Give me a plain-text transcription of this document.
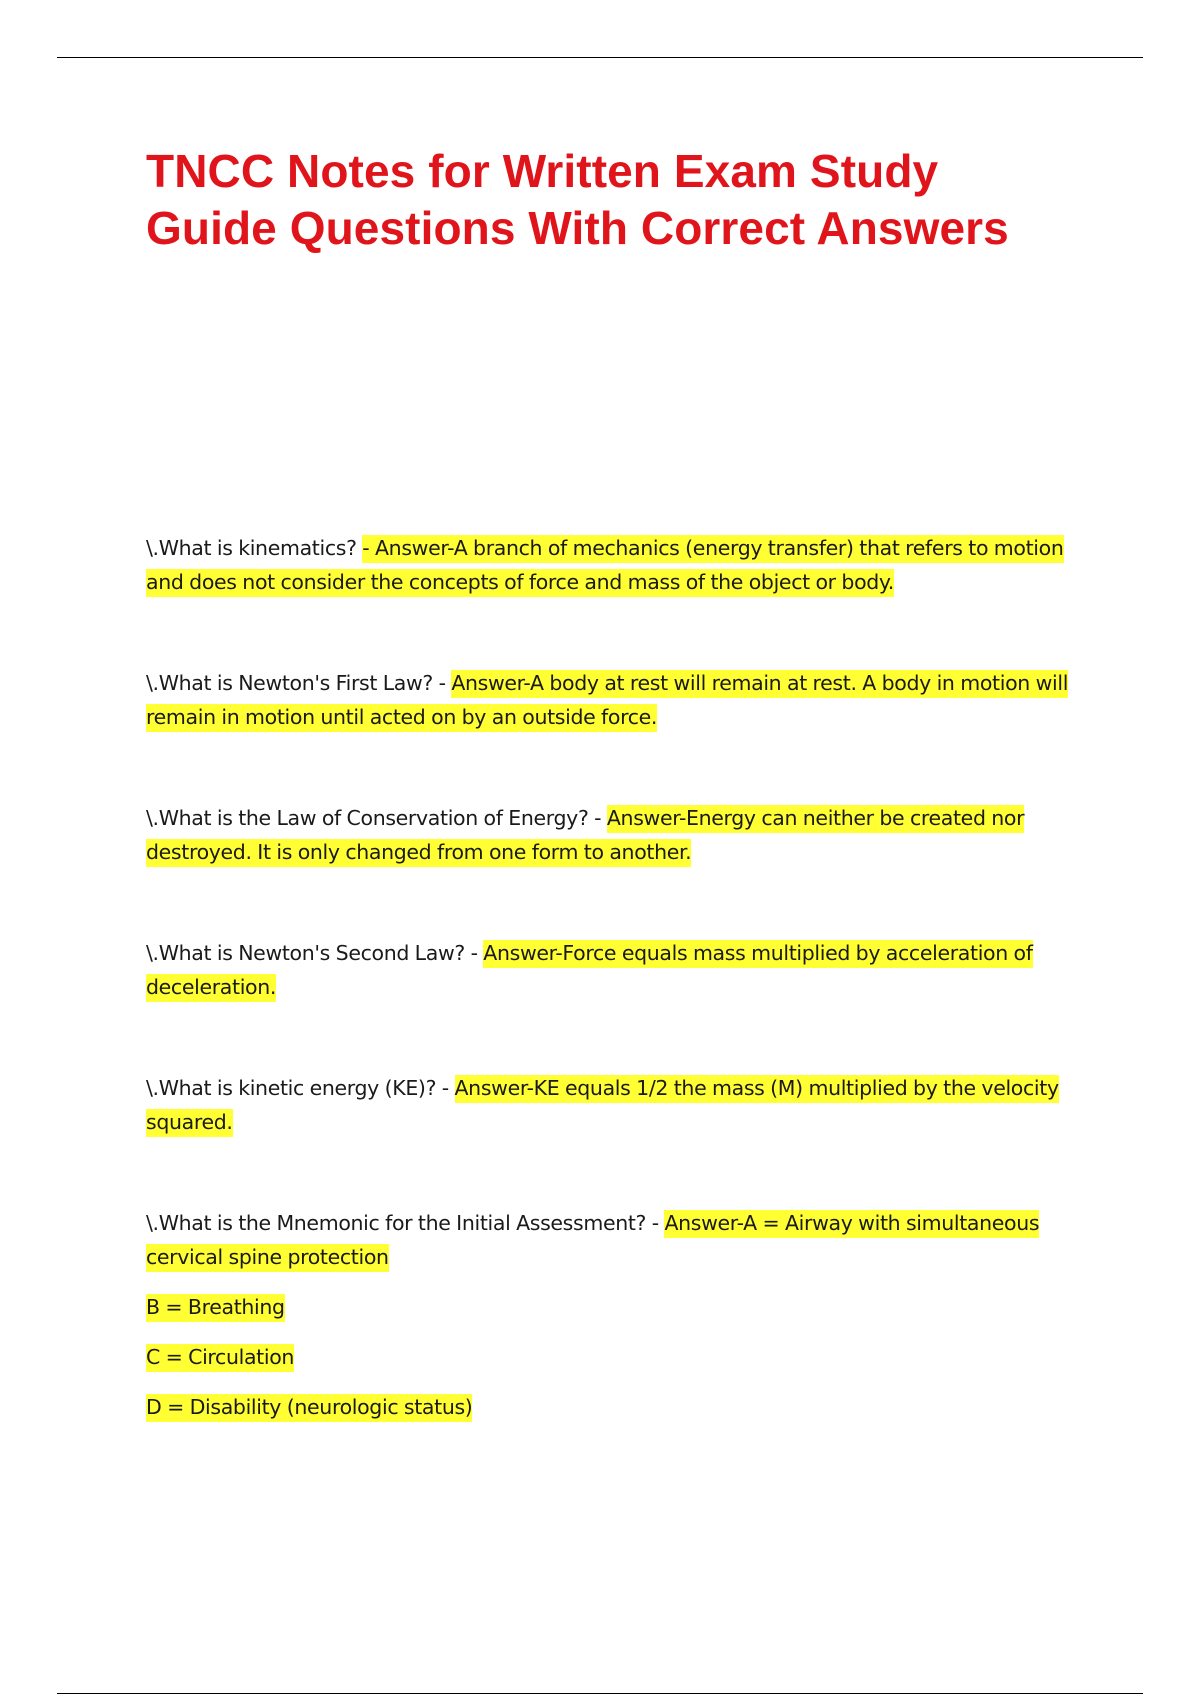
TNCC Notes for Written Exam Study Guide Questions With Correct Answers

\.What is kinematics? - Answer-A branch of mechanics (energy transfer) that refers to motion and does not consider the concepts of force and mass of the object or body.

\.What is Newton's First Law? - Answer-A body at rest will remain at rest. A body in motion will remain in motion until acted on by an outside force.

\.What is the Law of Conservation of Energy? - Answer-Energy can neither be created nor destroyed. It is only changed from one form to another.

\.What is Newton's Second Law? - Answer-Force equals mass multiplied by acceleration of deceleration.

\.What is kinetic energy (KE)? - Answer-KE equals 1/2 the mass (M) multiplied by the velocity squared.

\.What is the Mnemonic for the Initial Assessment? - Answer-A = Airway with simultaneous cervical spine protection

B = Breathing

C = Circulation

D = Disability (neurologic status)
